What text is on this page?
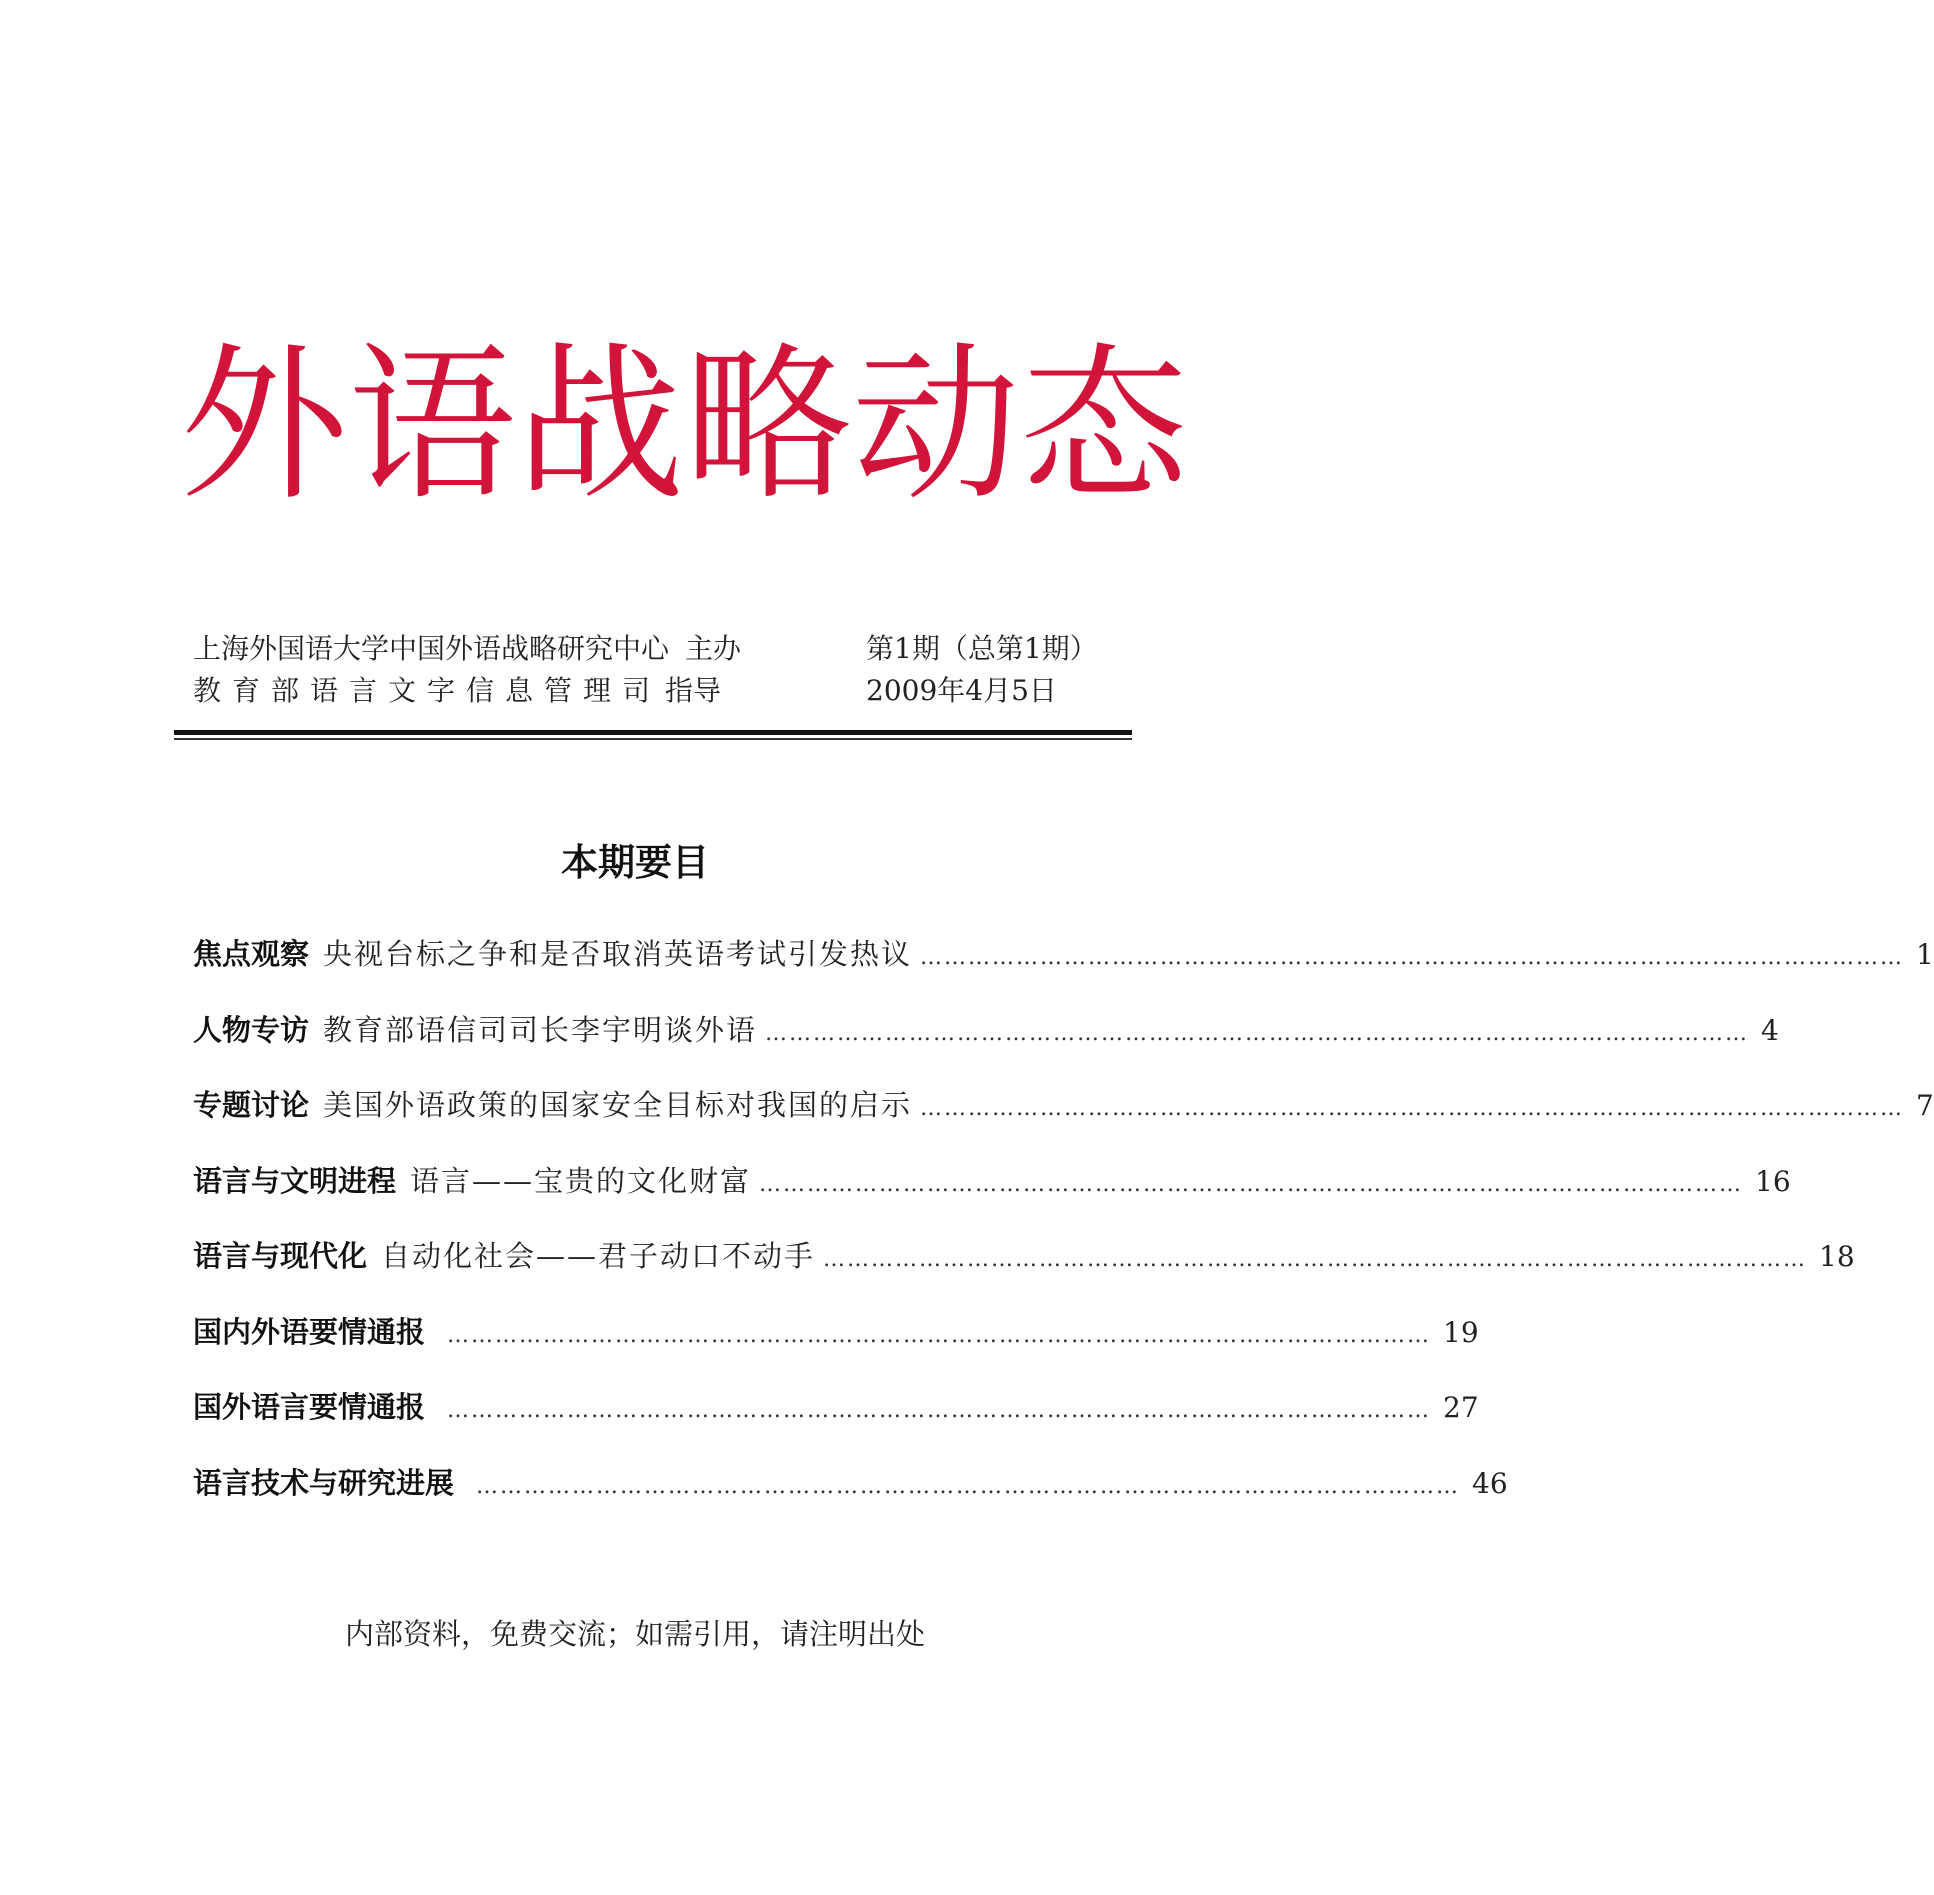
外 语 战 略 动 态
上海外国语大学中国外语战略研究中心 主办
教育部语言文字信息管理司 指导
第1期（总第1期）
2009年4月5日
本期要目
焦点观察 央视台标之争和是否取消英语考试引发热议 …………………………………………………………………………………………………………… 1
人物专访 教育部语信司司长李宇明谈外语 …………………………………………………………………………………………………………… 4
专题讨论 美国外语政策的国家安全目标对我国的启示 …………………………………………………………………………………………………………… 7
语言与文明进程 语言——宝贵的文化财富 …………………………………………………………………………………………………………… 16
语言与现代化 自动化社会——君子动口不动手 …………………………………………………………………………………………………………… 18
国内外语要情通报 …………………………………………………………………………………………………………… 19
国外语言要情通报 …………………………………………………………………………………………………………… 27
语言技术与研究进展 …………………………………………………………………………………………………………… 46
内部资料，免费交流；如需引用，请注明出处
